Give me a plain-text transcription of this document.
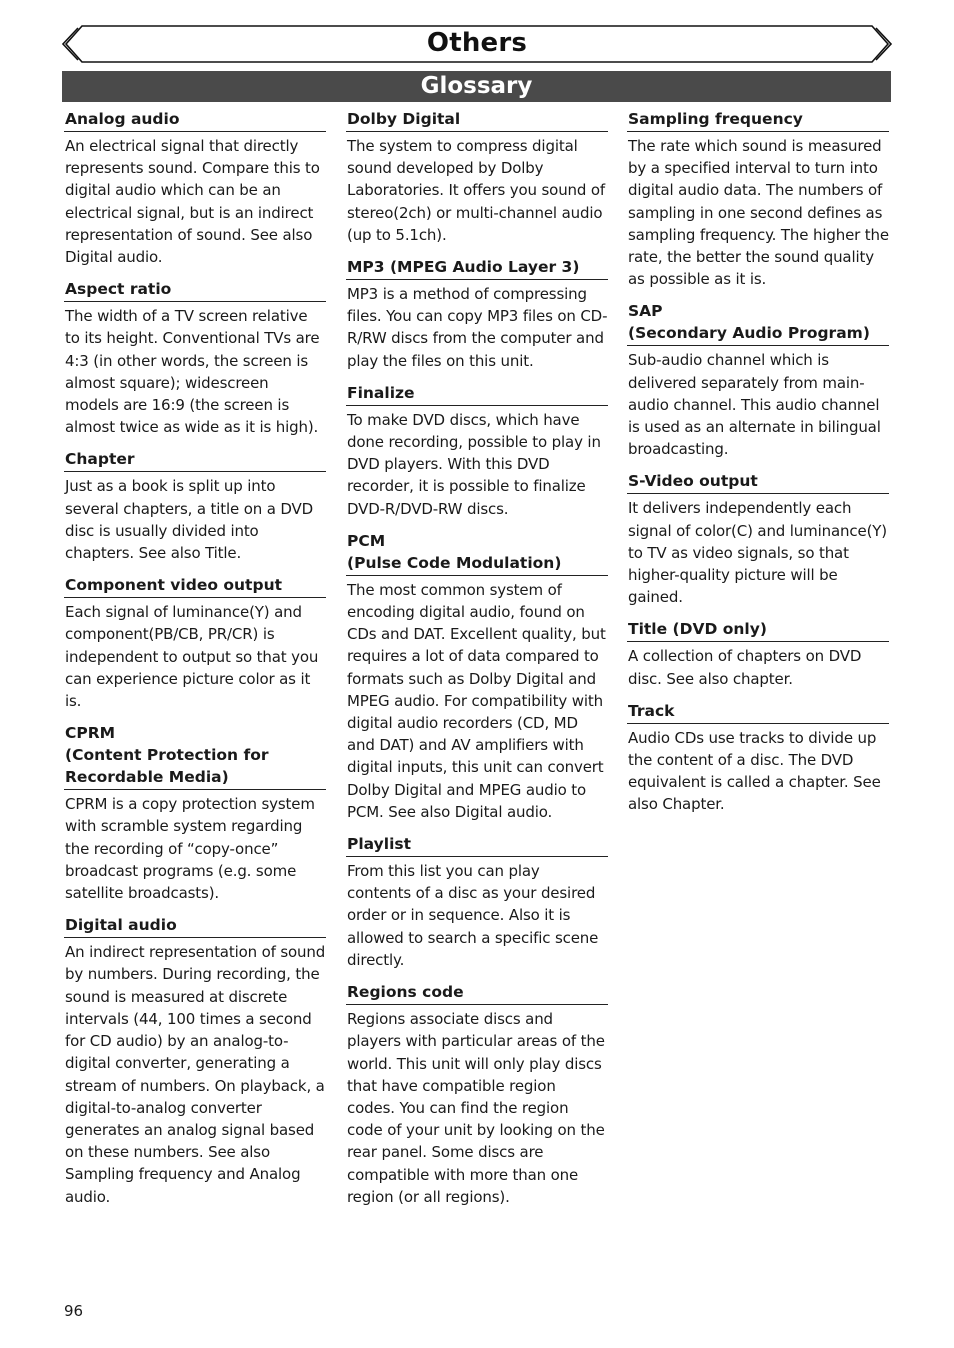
Others
Glossary
Analog audio
An electrical signal that directly represents sound. Compare this to digital audio which can be an electrical signal, but is an indirect representation of sound. See also Digital audio.
Aspect ratio
The width of a TV screen relative to its height. Conventional TVs are 4:3 (in other words, the screen is almost square); widescreen models are 16:9 (the screen is almost twice as wide as it is high).
Chapter
Just as a book is split up into several chapters, a title on a DVD disc is usually divided into chapters. See also Title.
Component video output
Each signal of luminance(Y) and component(PB/CB, PR/CR) is independent to output so that you can experience picture color as it is.
CPRM
(Content Protection for
Recordable Media)
CPRM is a copy protection system with scramble system regarding the recording of “copy-once” broadcast programs (e.g. some satellite broadcasts).
Digital audio
An indirect representation of sound by numbers. During recording, the sound is measured at discrete intervals (44, 100 times a second for CD audio) by an analog-to-digital converter, generating a stream of numbers. On playback, a digital-to-analog converter generates an analog signal based on these numbers. See also Sampling frequency and Analog audio.
Dolby Digital
The system to compress digital sound developed by Dolby Laboratories. It offers you sound of stereo(2ch) or multi-channel audio (up to 5.1ch).
MP3 (MPEG Audio Layer 3)
MP3 is a method of compressing files. You can copy MP3 files on CD-R/RW discs from the computer and play the files on this unit.
Finalize
To make DVD discs, which have done recording, possible to play in DVD players. With this DVD recorder, it is possible to finalize DVD-R/DVD-RW discs.
PCM
(Pulse Code Modulation)
The most common system of encoding digital audio, found on CDs and DAT. Excellent quality, but requires a lot of data compared to formats such as Dolby Digital and MPEG audio. For compatibility with digital audio recorders (CD, MD and DAT) and AV amplifiers with digital inputs, this unit can convert Dolby Digital and MPEG audio to PCM. See also Digital audio.
Playlist
From this list you can play contents of a disc as your desired order or in sequence. Also it is allowed to search a specific scene directly.
Regions code
Regions associate discs and players with particular areas of the world. This unit will only play discs that have compatible region codes. You can find the region code of your unit by looking on the rear panel. Some discs are compatible with more than one region (or all regions).
Sampling frequency
The rate which sound is measured by a specified interval to turn into digital audio data. The numbers of sampling in one second defines as sampling frequency. The higher the rate, the better the sound quality as possible as it is.
SAP
(Secondary Audio Program)
Sub-audio channel which is delivered separately from main-audio channel. This audio channel is used as an alternate in bilingual broadcasting.
S-Video output
It delivers independently each signal of color(C) and luminance(Y) to TV as video signals, so that higher-quality picture will be gained.
Title (DVD only)
A collection of chapters on DVD disc. See also chapter.
Track
Audio CDs use tracks to divide up the content of a disc. The DVD equivalent is called a chapter. See also Chapter.
96
